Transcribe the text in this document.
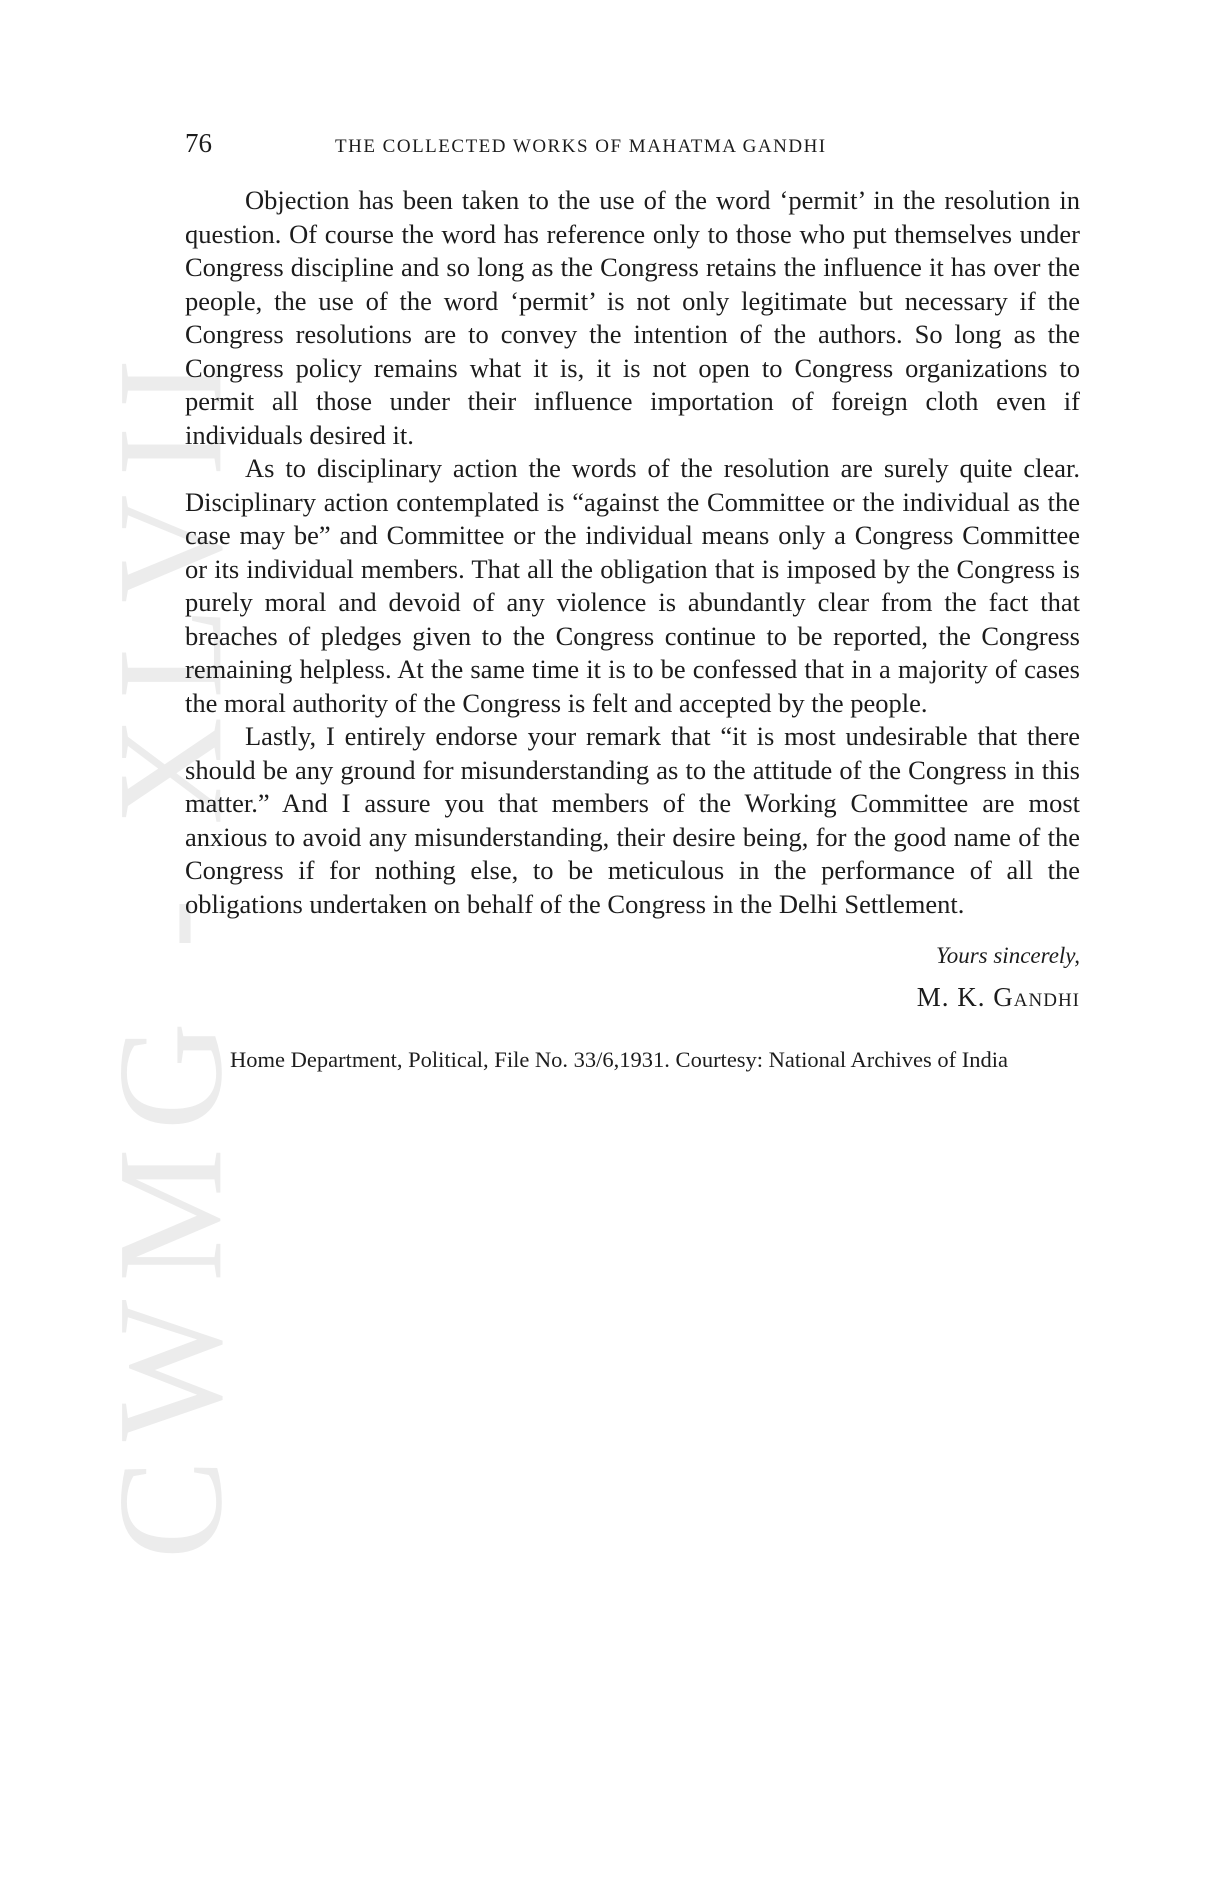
CWMG - XLVII
76	THE COLLECTED WORKS OF MAHATMA GANDHI

Objection has been taken to the use of the word ‘permit’ in the resolution in question. Of course the word has reference only to those who put themselves under Congress discipline and so long as the Congress retains the influence it has over the people, the use of the word ‘permit’ is not only legitimate but necessary if the Congress resolutions are to convey the intention of the authors. So long as the Congress policy remains what it is, it is not open to Congress organizations to permit all those under their influence importation of foreign cloth even if individuals desired it.

As to disciplinary action the words of the resolution are surely quite clear. Disciplinary action contemplated is “against the Committee or the individual as the case may be” and Committee or the individual means only a Congress Committee or its individual members. That all the obligation that is imposed by the Congress is purely moral and devoid of any violence is abundantly clear from the fact that breaches of pledges given to the Congress continue to be reported, the Congress remaining helpless. At the same time it is to be confessed that in a majority of cases the moral authority of the Congress is felt and accepted by the people.

Lastly, I entirely endorse your remark that “it is most undesirable that there should be any ground for misunderstanding as to the attitude of the Congress in this matter.” And I assure you that members of the Working Committee are most anxious to avoid any misunderstanding, their desire being, for the good name of the Congress if for nothing else, to be meticulous in the performance of all the obligations undertaken on behalf of the Congress in the Delhi Settlement.

Yours sincerely,
M. K. Gandhi

Home Department, Political, File No. 33/6,1931. Courtesy: National Archives of India
